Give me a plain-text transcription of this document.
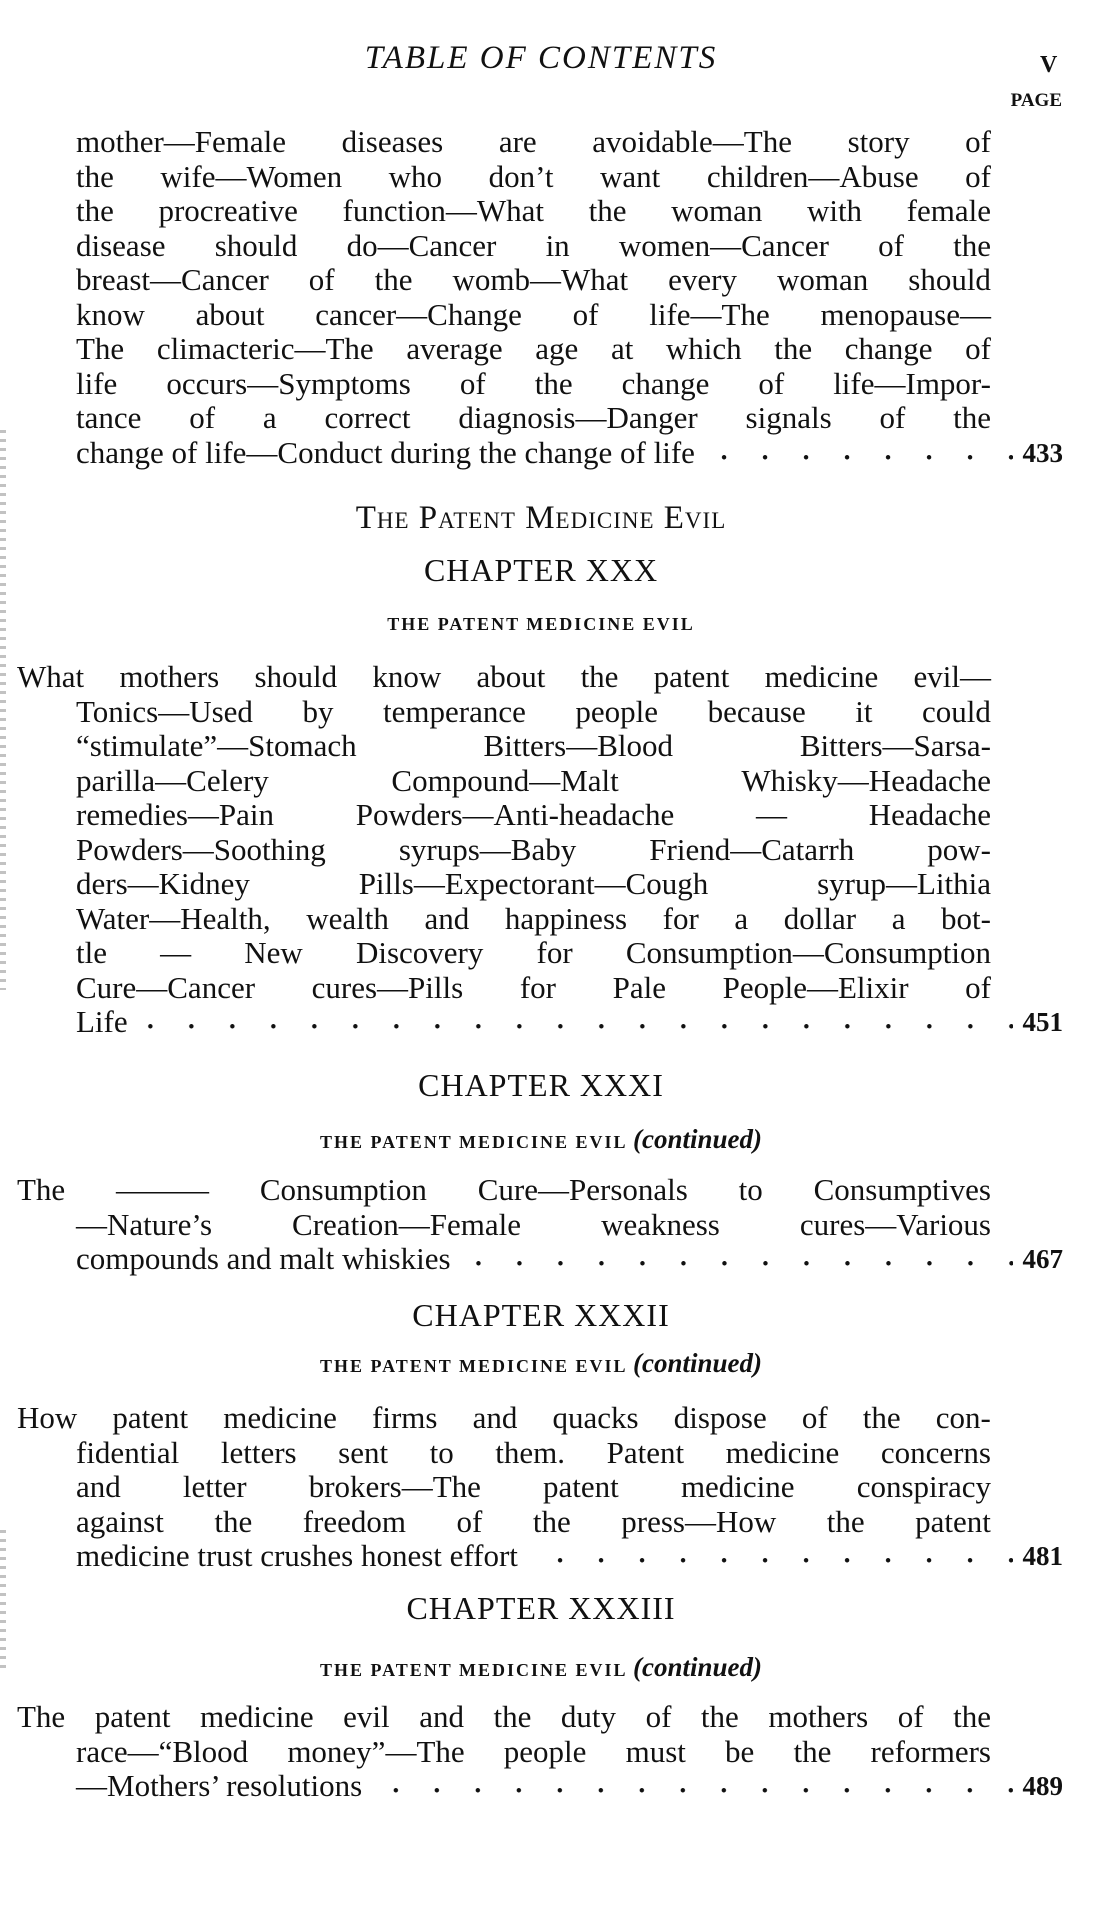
TABLE OF CONTENTS	V
PAGE
The Patent Medicine Evil
CHAPTER XXX
THE PATENT MEDICINE EVIL
CHAPTER XXXI
THE PATENT MEDICINE EVIL (continued)
CHAPTER XXXII
THE PATENT MEDICINE EVIL (continued)
CHAPTER XXXIII
THE PATENT MEDICINE EVIL (continued)
mother—Female diseases are avoidable—The story of
the wife—Women who don’t want children—Abuse of
the procreative function—What the woman with female
disease should do—Cancer in women—Cancer of the
breast—Cancer of the womb—What every woman should
know about cancer—Change of life—The menopause—
The climacteric—The average age at which the change of
life occurs—Symptoms of the change of life—Impor-
tance of a correct diagnosis—Danger signals of the
change of life—Conduct during the change of life	433
What mothers should know about the patent medicine evil—
Tonics—Used by temperance people because it could
“stimulate”—Stomach	Bitters—Blood	Bitters—Sarsa-
parilla—Celery	Compound—Malt	Whisky—Headache
remedies—Pain	Powders—Anti-headache	—	Headache
Powders—Soothing syrups—Baby Friend—Catarrh pow-
ders—Kidney	Pills—Expectorant—Cough	syrup—Lithia
Water—Health, wealth and happiness for a dollar a bot-
tle — New Discovery for Consumption—Consumption
Cure—Cancer cures—Pills for Pale People—Elixir of
Life	451
The ——— Consumption Cure—Personals to Consumptives
—Nature’s	Creation—Female	weakness	cures—Various
compounds and malt whiskies	467
How patent medicine firms and quacks dispose of the con-
fidential letters sent to them. Patent medicine concerns
and letter brokers—The patent medicine conspiracy
against the freedom of the press—How the patent
medicine trust crushes honest effort	481
The patent medicine evil and the duty of the mothers of the
race—“Blood money”—The people must be the reformers
—Mothers’ resolutions	489
